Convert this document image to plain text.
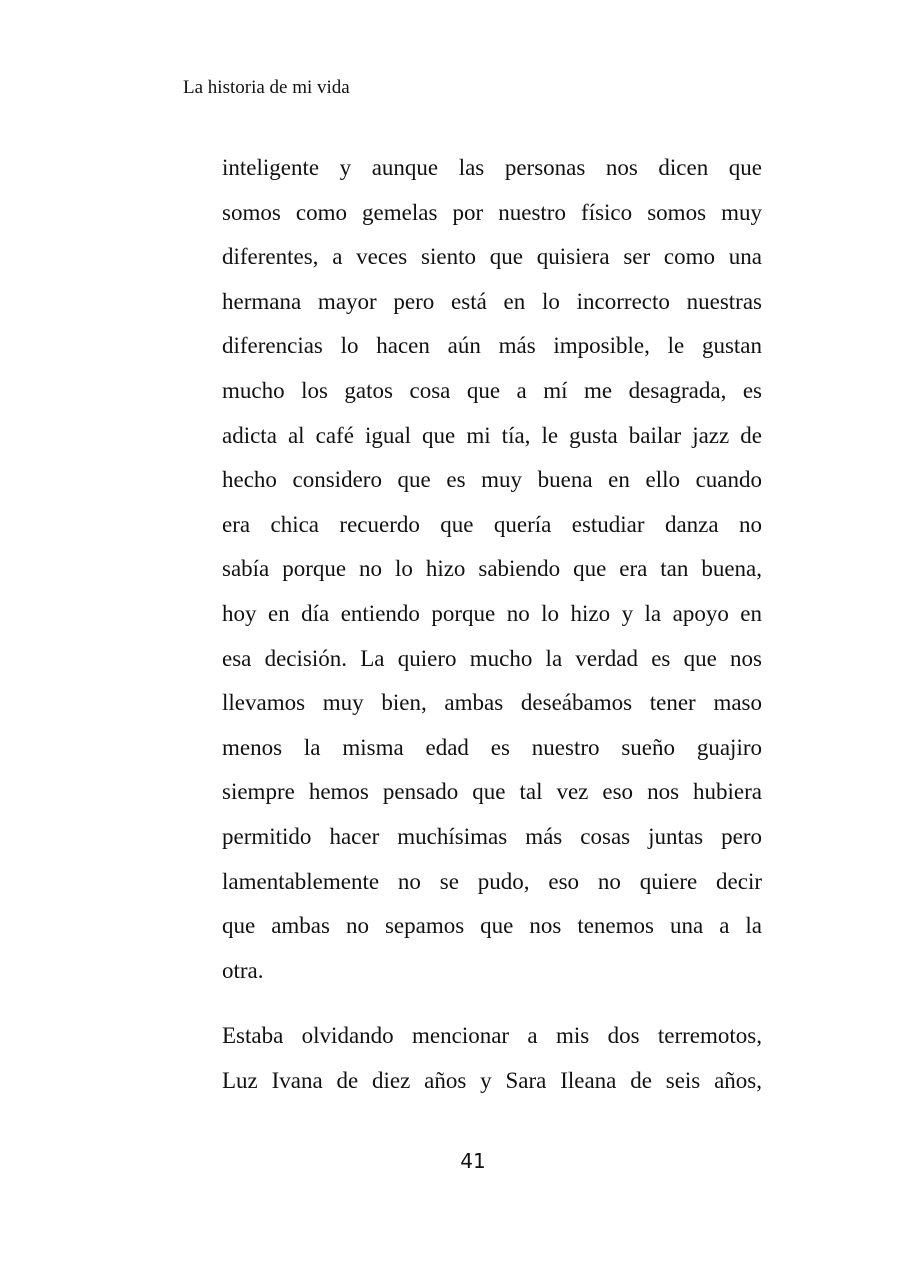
La historia de mi vida

inteligente y aunque las personas nos dicen que
somos como gemelas por nuestro físico somos muy
diferentes, a veces siento que quisiera ser como una
hermana mayor pero está en lo incorrecto nuestras
diferencias lo hacen aún más imposible, le gustan
mucho los gatos cosa que a mí me desagrada, es
adicta al café igual que mi tía, le gusta bailar jazz de
hecho considero que es muy buena en ello cuando
era chica recuerdo que quería estudiar danza no
sabía porque no lo hizo sabiendo que era tan buena,
hoy en día entiendo porque no lo hizo y la apoyo en
esa decisión. La quiero mucho la verdad es que nos
llevamos muy bien, ambas deseábamos tener maso
menos la misma edad es nuestro sueño guajiro
siempre hemos pensado que tal vez eso nos hubiera
permitido hacer muchísimas más cosas juntas pero
lamentablemente no se pudo, eso no quiere decir
que ambas no sepamos que nos tenemos una a la
otra.

Estaba olvidando mencionar a mis dos terremotos,
Luz Ivana de diez años y Sara Ileana de seis años,

41
